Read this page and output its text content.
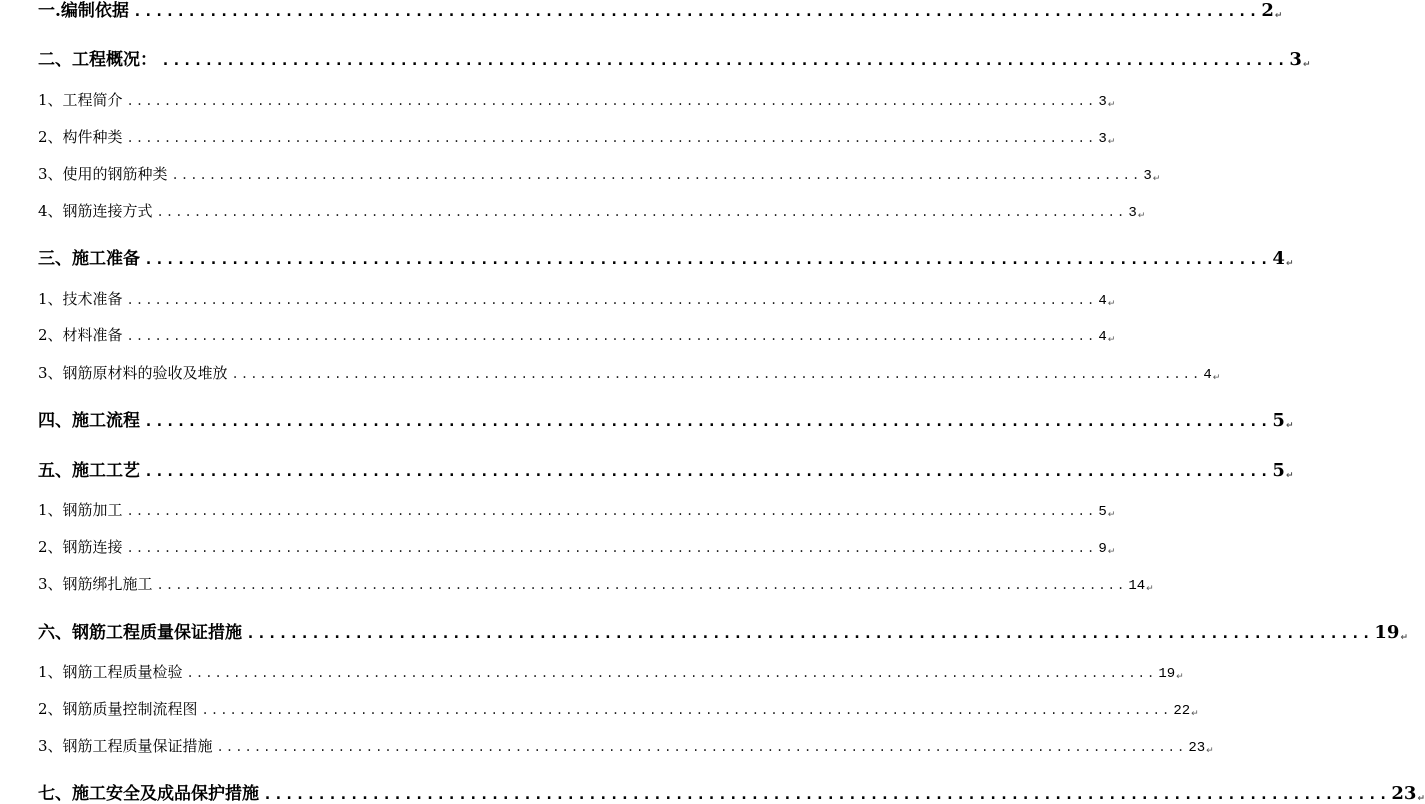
一.编制依据 ........................................................................................................ 2 ↵
二、工程概况： ........................................................................................................ 3 ↵
1、工程简介 ........................................................................................................ 3 ↵
2、构件种类 ........................................................................................................ 3 ↵
3、使用的钢筋种类 ........................................................................................................ 3 ↵
4、钢筋连接方式 ........................................................................................................ 3 ↵
三、施工准备 ........................................................................................................ 4 ↵
1、技术准备 ........................................................................................................ 4 ↵
2、材料准备 ........................................................................................................ 4 ↵
3、钢筋原材料的验收及堆放 ........................................................................................................ 4 ↵
四、施工流程 ........................................................................................................ 5 ↵
五、施工工艺 ........................................................................................................ 5 ↵
1、钢筋加工 ........................................................................................................ 5 ↵
2、钢筋连接 ........................................................................................................ 9 ↵
3、钢筋绑扎施工 ........................................................................................................ 14 ↵
六、钢筋工程质量保证措施 ........................................................................................................ 19 ↵
1、钢筋工程质量检验 ........................................................................................................ 19 ↵
2、钢筋质量控制流程图 ........................................................................................................ 22 ↵
3、钢筋工程质量保证措施 ........................................................................................................ 23 ↵
七、施工安全及成品保护措施 ........................................................................................................ 23 ↵
